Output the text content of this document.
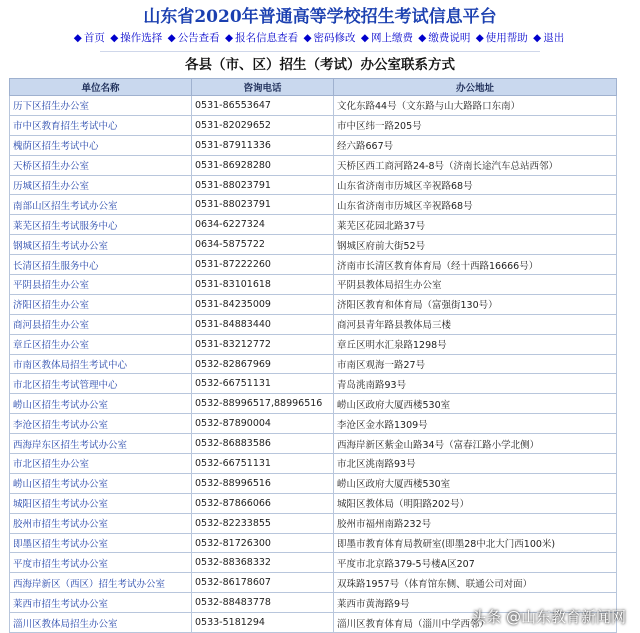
山东省2020年普通高等学校招生考试信息平台
◆ 首页 ◆ 操作选择 ◆ 公告查看 ◆ 报名信息查看 ◆ 密码修改 ◆ 网上缴费 ◆ 缴费说明 ◆ 使用帮助 ◆ 退出
各县（市、区）招生（考试）办公室联系方式
单位名称	咨询电话	办公地址
历下区招生办公室	0531-86553647	文化东路44号（文东路与山大路路口东南）
市中区教育招生考试中心	0531-82029652	市中区纬一路205号
槐荫区招生考试中心	0531-87911336	经六路667号
天桥区招生办公室	0531-86928280	天桥区西工商河路24-8号（济南长途汽车总站西邻）
历城区招生办公室	0531-88023791	山东省济南市历城区辛祝路68号
南部山区招生考试办公室	0531-88023791	山东省济南市历城区辛祝路68号
莱芜区招生考试服务中心	0634-6227324	莱芜区花园北路37号
钢城区招生考试办公室	0634-5875722	钢城区府前大街52号
长清区招生服务中心	0531-87222260	济南市长清区教育体育局（经十西路16666号）
平阴县招生办公室	0531-83101618	平阴县教体局招生办公室
济阳区招生办公室	0531-84235009	济阳区教育和体育局（富强街130号）
商河县招生办公室	0531-84883440	商河县青年路县教体局三楼
章丘区招生办公室	0531-83212772	章丘区明水汇泉路1298号
市南区教体局招生考试中心	0532-82867969	市南区观海一路27号
市北区招生考试管理中心	0532-66751131	青岛洮南路93号
崂山区招生考试办公室	0532-88996517,88996516	崂山区政府大厦西楼530室
李沧区招生考试办公室	0532-87890004	李沧区金水路1309号
西海岸东区招生考试办公室	0532-86883586	西海岸新区紫金山路34号（富春江路小学北侧）
市北区招生办公室	0532-66751131	市北区洮南路93号
崂山区招生考试办公室	0532-88996516	崂山区政府大厦西楼530室
城阳区招生考试办公室	0532-87866066	城阳区教体局（明阳路202号）
胶州市招生考试办公室	0532-82233855	胶州市福州南路232号
即墨区招生考试办公室	0532-81726300	即墨市教育体育局教研室(即墨28中北大门西100米)
平度市招生考试办公室	0532-88368332	平度市北京路379-5号楼A区207
西海岸新区（西区）招生考试办公室	0532-86178607	双珠路1957号（体育馆东侧、联通公司对面）
莱西市招生考试办公室	0532-88483778	莱西市黄海路9号
淄川区教体局招生办公室	0533-5181294	淄川区教育体育局（淄川中学西邻）
头条 @山东教育新闻网
